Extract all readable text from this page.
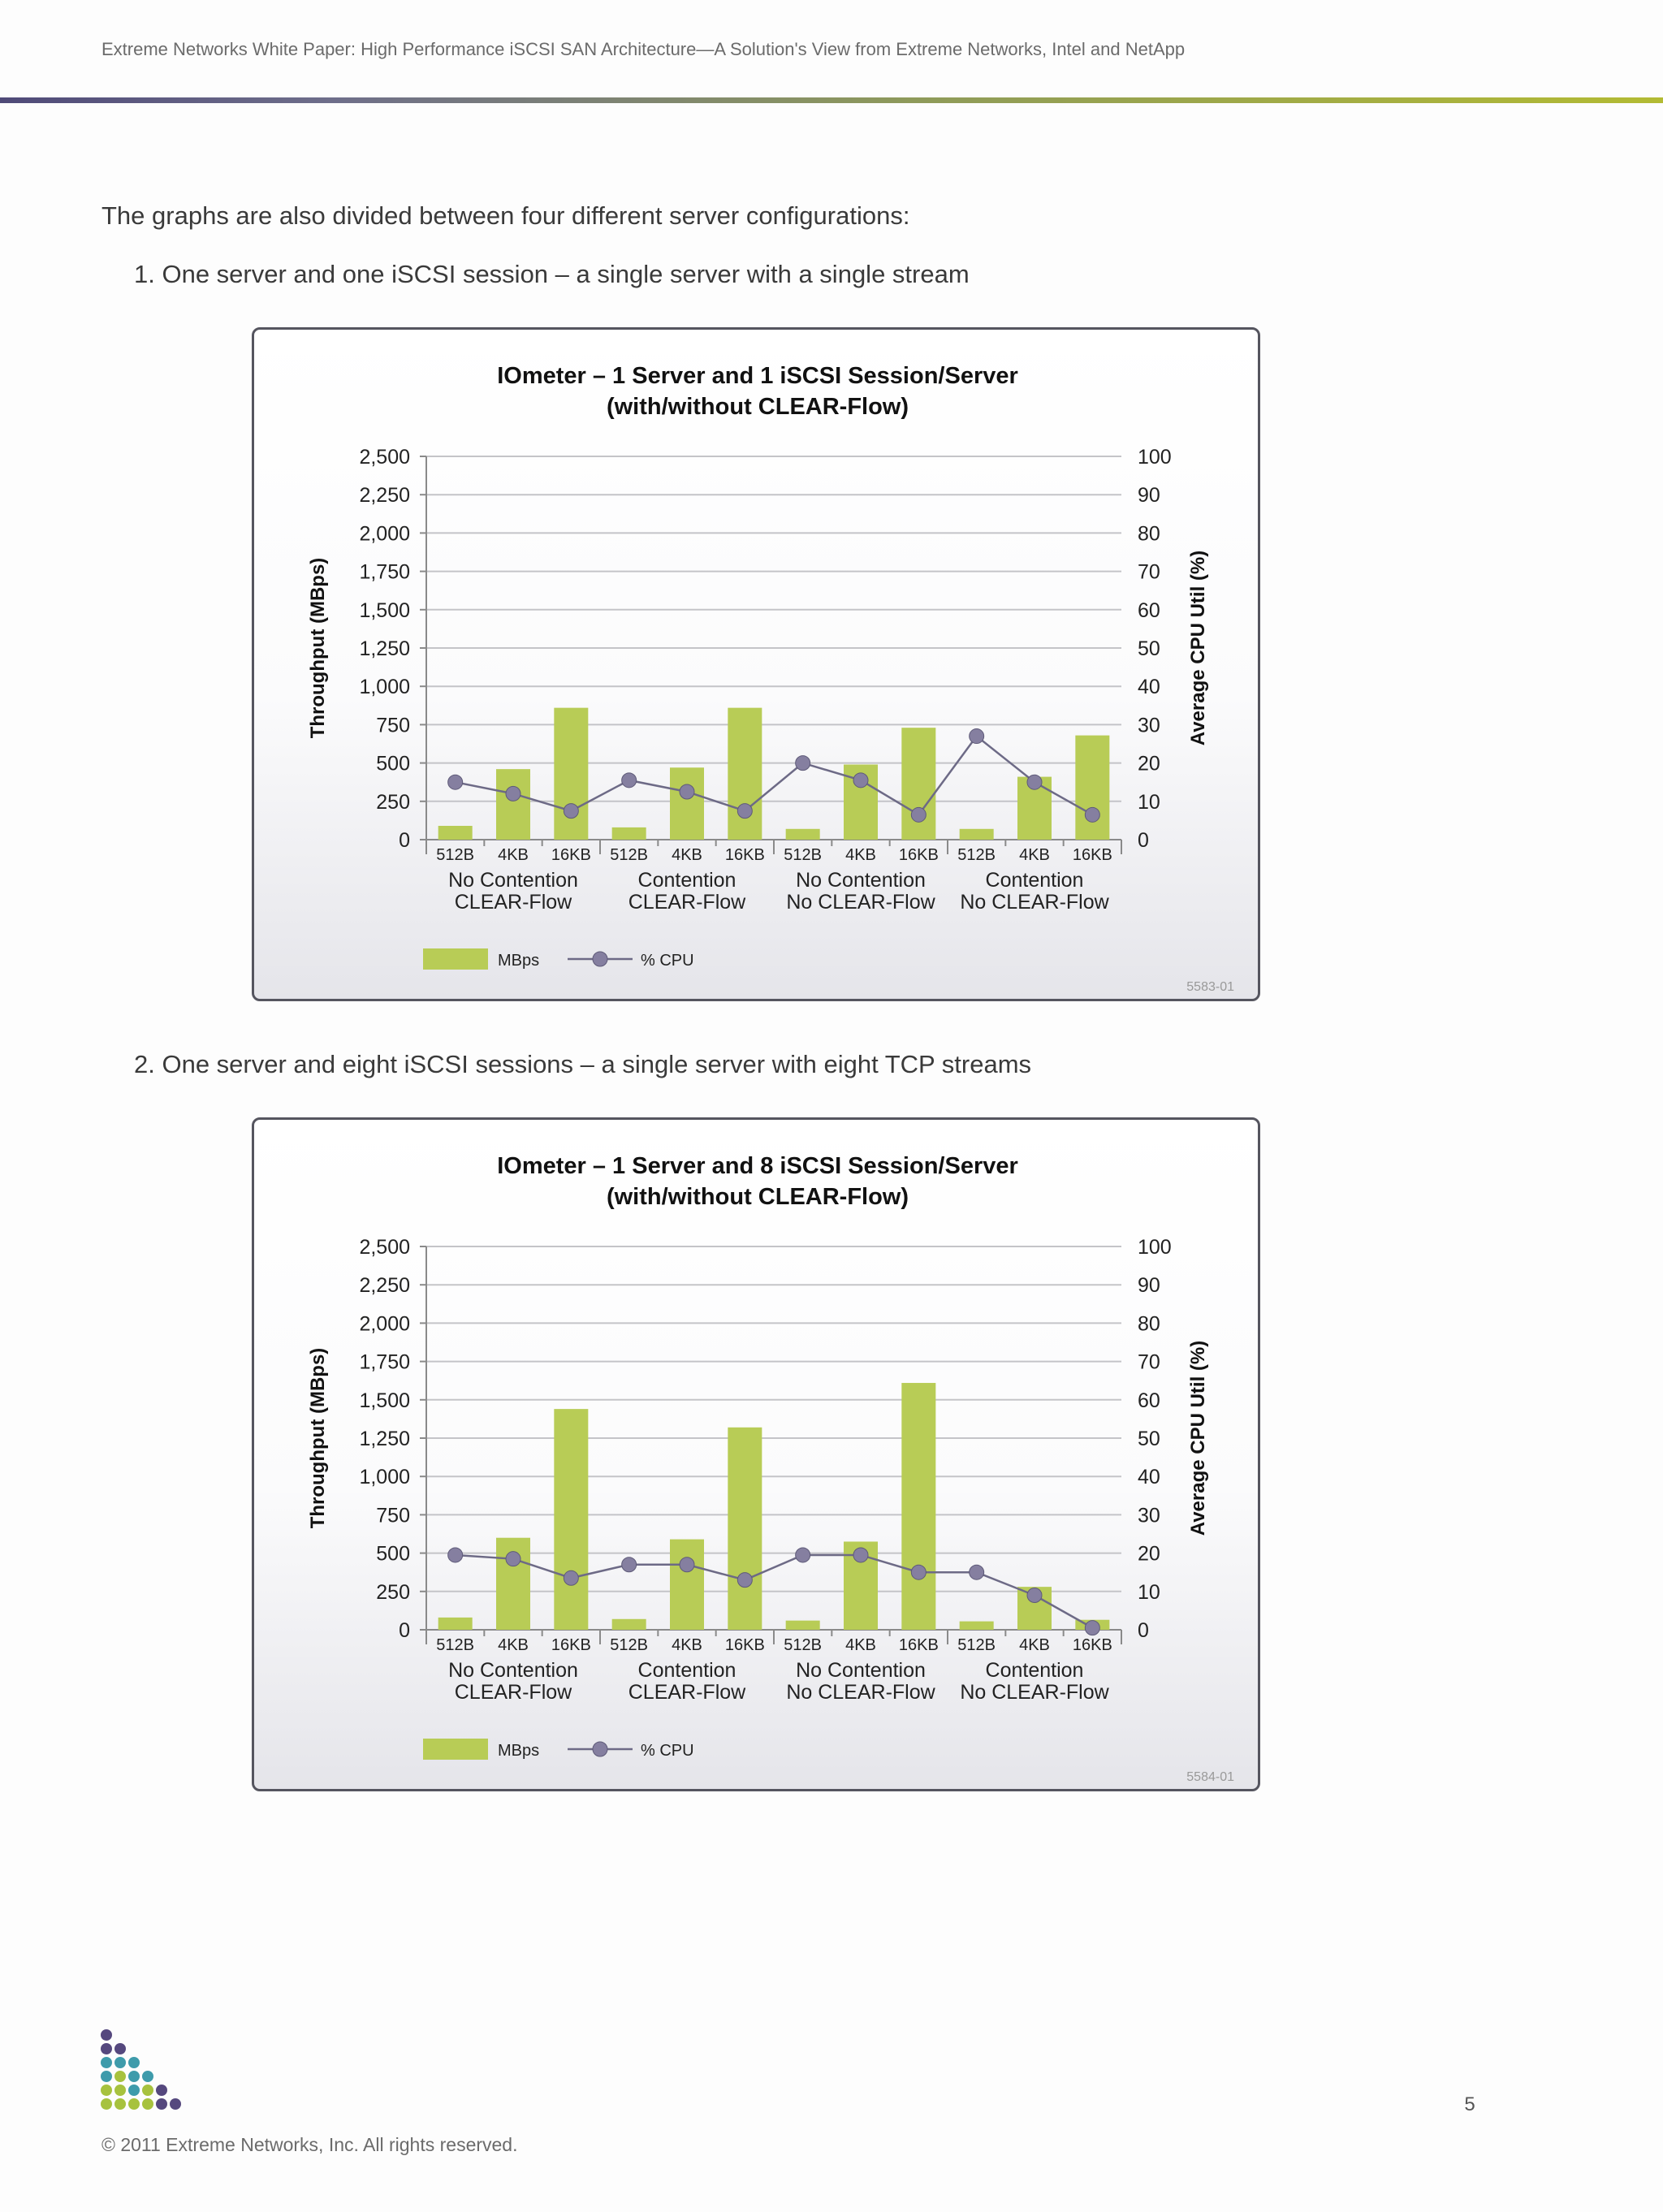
Extreme Networks White Paper: High Performance iSCSI SAN Architecture—A Solution's View from Extreme Networks, Intel and NetApp
The graphs are also divided between four different server configurations:
1. One server and one iSCSI session – a single server with a single stream
IOmeter – 1 Server and 1 iSCSI Session/Server
(with/without CLEAR-Flow)
0
250
500
750
1,000
1,250
1,500
1,750
2,000
2,250
2,500
0
10
20
30
40
50
60
70
80
90
100
Throughput (MBps)	Average CPU Util (%)
512B 4KB 16KB 512B 4KB 16KB 512B 4KB 16KB 512B 4KB 16KB
No Contention
CLEAR-Flow
Contention
CLEAR-Flow
No Contention
No CLEAR-Flow
Contention
No CLEAR-Flow
MBps	% CPU
5583-01
2. One server and eight iSCSI sessions – a single server with eight TCP streams
IOmeter – 1 Server and 8 iSCSI Session/Server
(with/without CLEAR-Flow)
0
250
500
750
1,000
1,250
1,500
1,750
2,000
2,250
2,500
0
10
20
30
40
50
60
70
80
90
100
Throughput (MBps)	Average CPU Util (%)
512B 4KB 16KB 512B 4KB 16KB 512B 4KB 16KB 512B 4KB 16KB
No Contention
CLEAR-Flow
Contention
CLEAR-Flow
No Contention
No CLEAR-Flow
Contention
No CLEAR-Flow
MBps	% CPU
5584-01
5
© 2011 Extreme Networks, Inc. All rights reserved.
